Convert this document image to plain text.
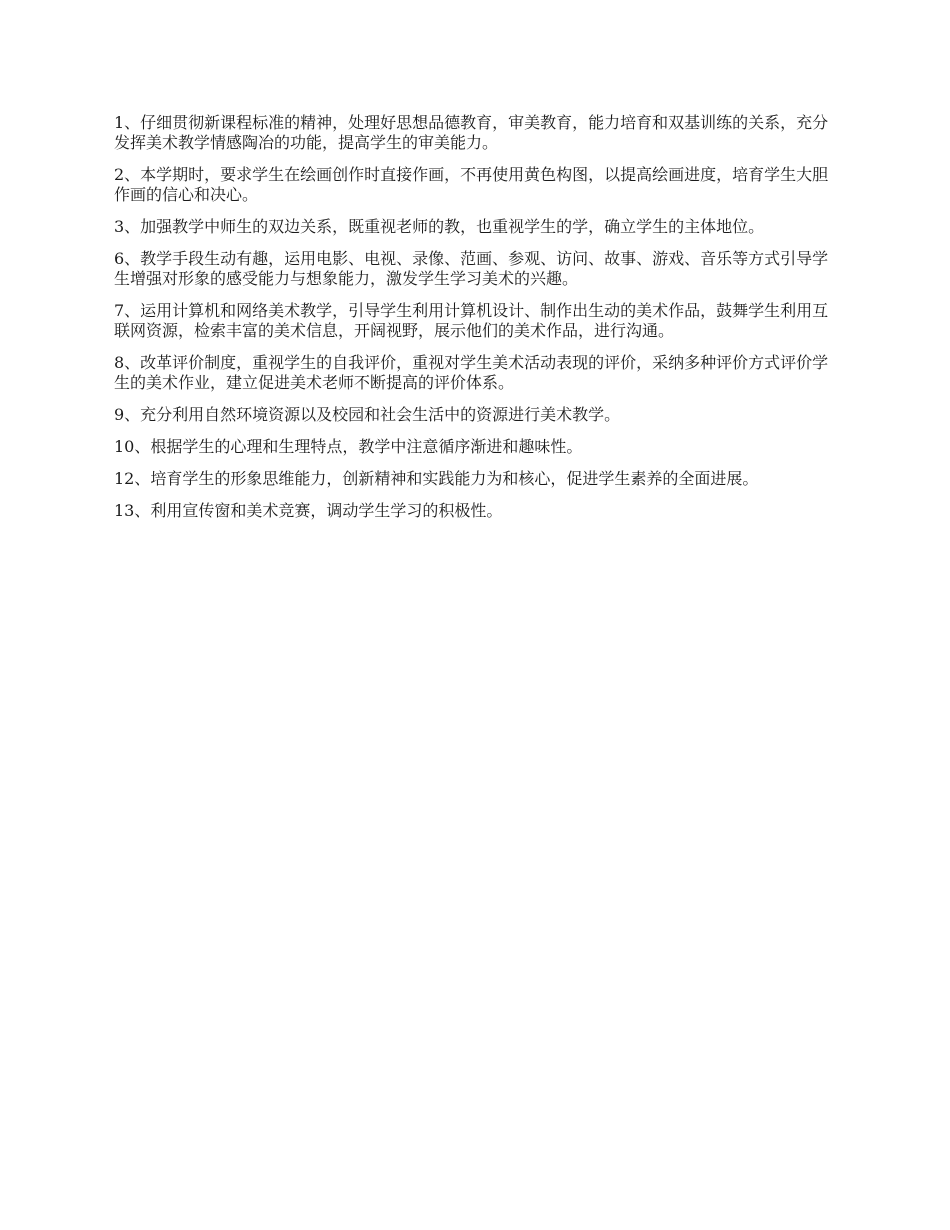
1、仔细贯彻新课程标准的精神，处理好思想品德教育，审美教育，能力培育和双基训练的关系，充分发挥美术教学情感陶冶的功能，提高学生的审美能力。

2、本学期时，要求学生在绘画创作时直接作画，不再使用黄色构图，以提高绘画进度，培育学生大胆作画的信心和决心。

3、加强教学中师生的双边关系，既重视老师的教，也重视学生的学，确立学生的主体地位。

6、教学手段生动有趣，运用电影、电视、录像、范画、参观、访问、故事、游戏、音乐等方式引导学生增强对形象的感受能力与想象能力，激发学生学习美术的兴趣。

7、运用计算机和网络美术教学，引导学生利用计算机设计、制作出生动的美术作品，鼓舞学生利用互联网资源，检索丰富的美术信息，开阔视野，展示他们的美术作品，进行沟通。

8、改革评价制度，重视学生的自我评价，重视对学生美术活动表现的评价，采纳多种评价方式评价学生的美术作业，建立促进美术老师不断提高的评价体系。

9、充分利用自然环境资源以及校园和社会生活中的资源进行美术教学。

10、根据学生的心理和生理特点，教学中注意循序渐进和趣味性。

12、培育学生的形象思维能力，创新精神和实践能力为和核心，促进学生素养的全面进展。

13、利用宣传窗和美术竞赛，调动学生学习的积极性。
